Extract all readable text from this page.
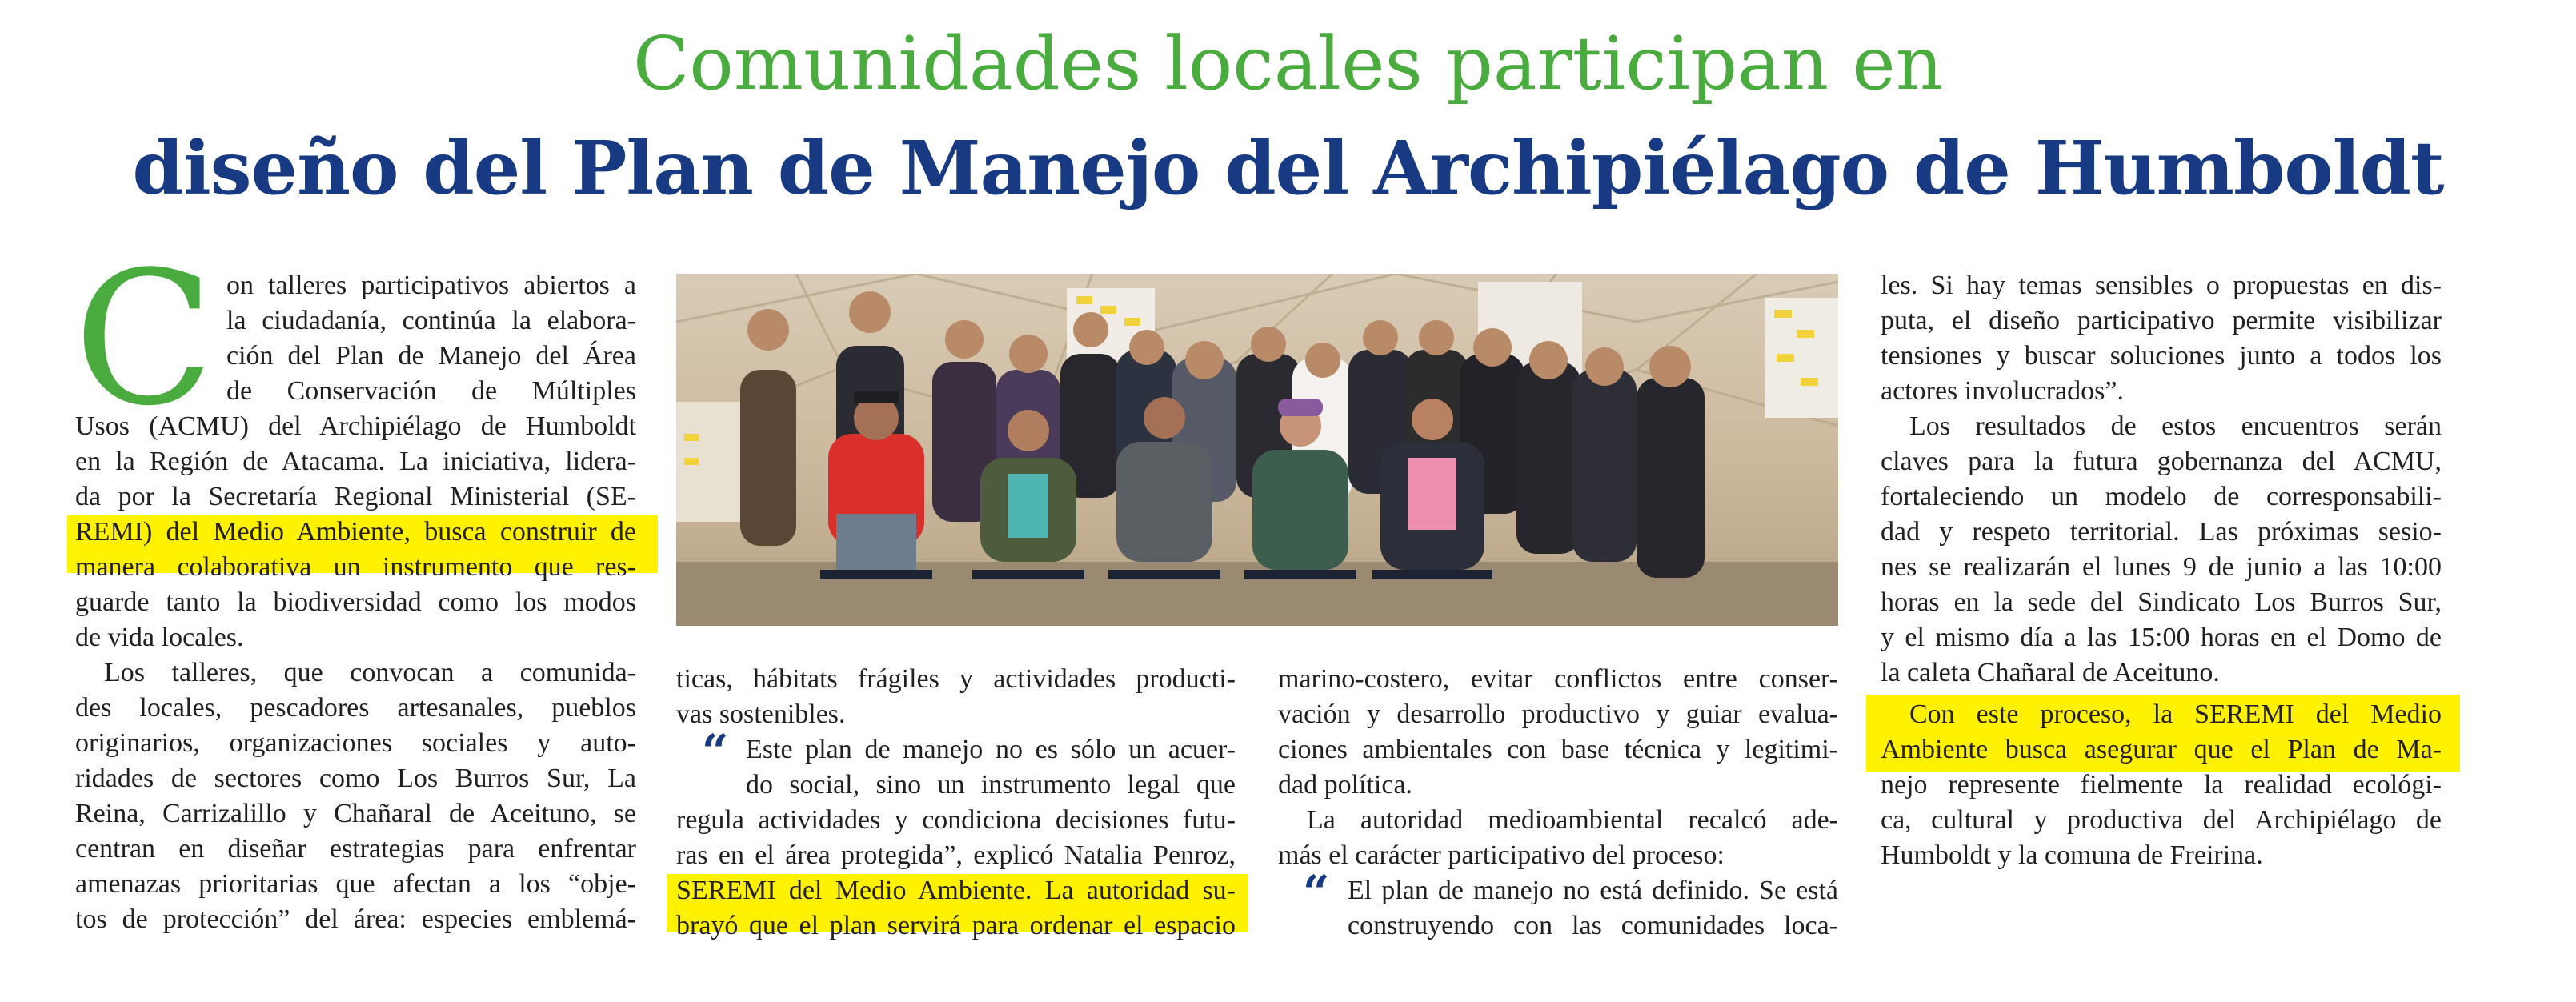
Comunidades locales participan en
diseño del Plan de Manejo del Archipiélago de Humboldt
C on talleres participativos abiertos a
la ciudadanía, continúa la elabora-
ción del Plan de Manejo del Área
de Conservación de Múltiples
Usos (ACMU) del Archipiélago de Humboldt
en la Región de Atacama. La iniciativa, lidera-
da por la Secretaría Regional Ministerial (SE-
REMI) del Medio Ambiente, busca construir de
manera colaborativa un instrumento que res-
guarde tanto la biodiversidad como los modos
de vida locales.
Los talleres, que convocan a comunida-
des locales, pescadores artesanales, pueblos
originarios, organizaciones sociales y auto-
ridades de sectores como Los Burros Sur, La
Reina, Carrizalillo y Chañaral de Aceituno, se
centran en diseñar estrategias para enfrentar
amenazas prioritarias que afectan a los “obje-
tos de protección” del área: especies emblemá-
ticas, hábitats frágiles y actividades producti-
vas sostenibles.
“ Este plan de manejo no es sólo un acuer-
do social, sino un instrumento legal que
regula actividades y condiciona decisiones futu-
ras en el área protegida”, explicó Natalia Penroz,
SEREMI del Medio Ambiente. La autoridad su-
brayó que el plan servirá para ordenar el espacio
marino-costero, evitar conflictos entre conser-
vación y desarrollo productivo y guiar evalua-
ciones ambientales con base técnica y legitimi-
dad política.
La autoridad medioambiental recalcó ade-
más el carácter participativo del proceso:
“ El plan de manejo no está definido. Se está
construyendo con las comunidades loca-
les. Si hay temas sensibles o propuestas en dis-
puta, el diseño participativo permite visibilizar
tensiones y buscar soluciones junto a todos los
actores involucrados”.
Los resultados de estos encuentros serán
claves para la futura gobernanza del ACMU,
fortaleciendo un modelo de corresponsabili-
dad y respeto territorial. Las próximas sesio-
nes se realizarán el lunes 9 de junio a las 10:00
horas en la sede del Sindicato Los Burros Sur,
y el mismo día a las 15:00 horas en el Domo de
la caleta Chañaral de Aceituno.
Con este proceso, la SEREMI del Medio
Ambiente busca asegurar que el Plan de Ma-
nejo represente fielmente la realidad ecológi-
ca, cultural y productiva del Archipiélago de
Humboldt y la comuna de Freirina.
